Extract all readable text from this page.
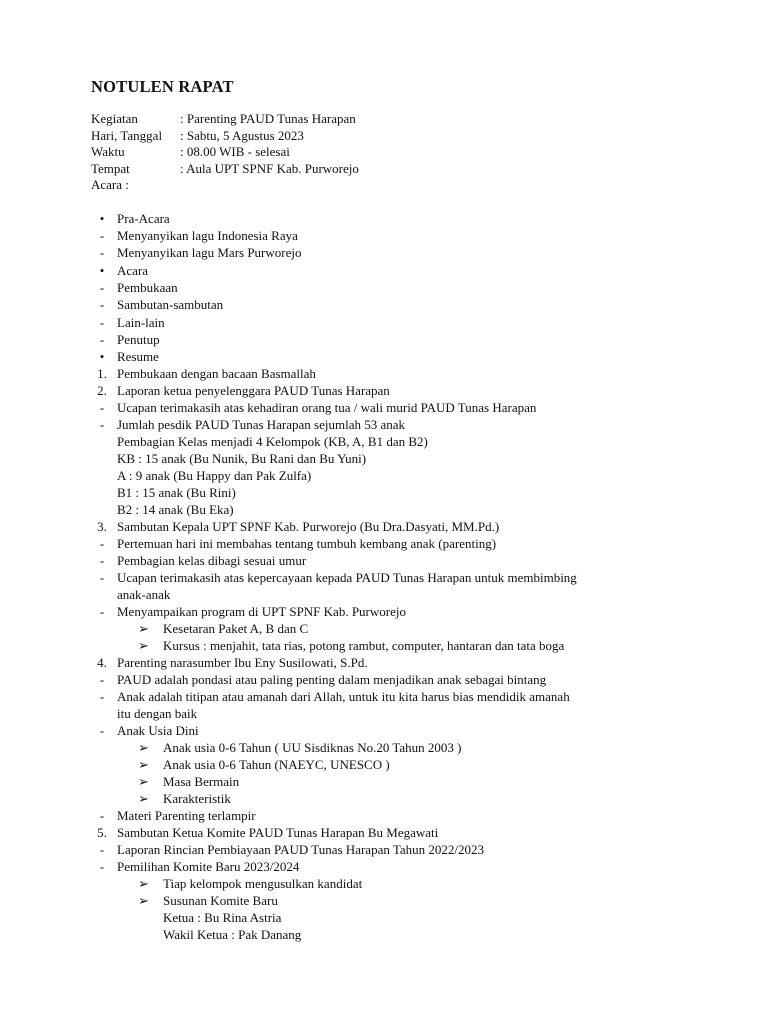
NOTULEN RAPAT
Kegiatan	: Parenting PAUD Tunas Harapan
Hari, Tanggal : Sabtu, 5 Agustus 2023
Waktu	: 08.00 WIB - selesai
Tempat	: Aula UPT SPNF Kab. Purworejo
Acara :
• Pra-Acara
- Menyanyikan lagu Indonesia Raya
- Menyanyikan lagu Mars Purworejo
• Acara
- Pembukaan
- Sambutan-sambutan
- Lain-lain
- Penutup
• Resume
1. Pembukaan dengan bacaan Basmallah
2. Laporan ketua penyelenggara PAUD Tunas Harapan
- Ucapan terimakasih atas kehadiran orang tua / wali murid PAUD Tunas Harapan
- Jumlah pesdik PAUD Tunas Harapan sejumlah 53 anak
Pembagian Kelas menjadi 4 Kelompok (KB, A, B1 dan B2)
KB : 15 anak (Bu Nunik, Bu Rani dan Bu Yuni)
A : 9 anak (Bu Happy dan Pak Zulfa)
B1 : 15 anak (Bu Rini)
B2 : 14 anak (Bu Eka)
3. Sambutan Kepala UPT SPNF Kab. Purworejo (Bu Dra.Dasyati, MM.Pd.)
- Pertemuan hari ini membahas tentang tumbuh kembang anak (parenting)
- Pembagian kelas dibagi sesuai umur
- Ucapan terimakasih atas kepercayaan kepada PAUD Tunas Harapan untuk membimbing
anak-anak
- Menyampaikan program di UPT SPNF Kab. Purworejo
➢	Kesetaran Paket A, B dan C
➢	Kursus : menjahit, tata rias, potong rambut, computer, hantaran dan tata boga
4. Parenting narasumber Ibu Eny Susilowati, S.Pd.
- PAUD adalah pondasi atau paling penting dalam menjadikan anak sebagai bintang
- Anak adalah titipan atau amanah dari Allah, untuk itu kita harus bias mendidik amanah
itu dengan baik
- Anak Usia Dini
➢	Anak usia 0-6 Tahun ( UU Sisdiknas No.20 Tahun 2003 )
➢	Anak usia 0-6 Tahun (NAEYC, UNESCO )
➢	Masa Bermain
➢	Karakteristik
- Materi Parenting terlampir
5. Sambutan Ketua Komite PAUD Tunas Harapan Bu Megawati
- Laporan Rincian Pembiayaan PAUD Tunas Harapan Tahun 2022/2023
- Pemilihan Komite Baru 2023/2024
➢	Tiap kelompok mengusulkan kandidat
➢	Susunan Komite Baru
Ketua : Bu Rina Astria
Wakil Ketua : Pak Danang
